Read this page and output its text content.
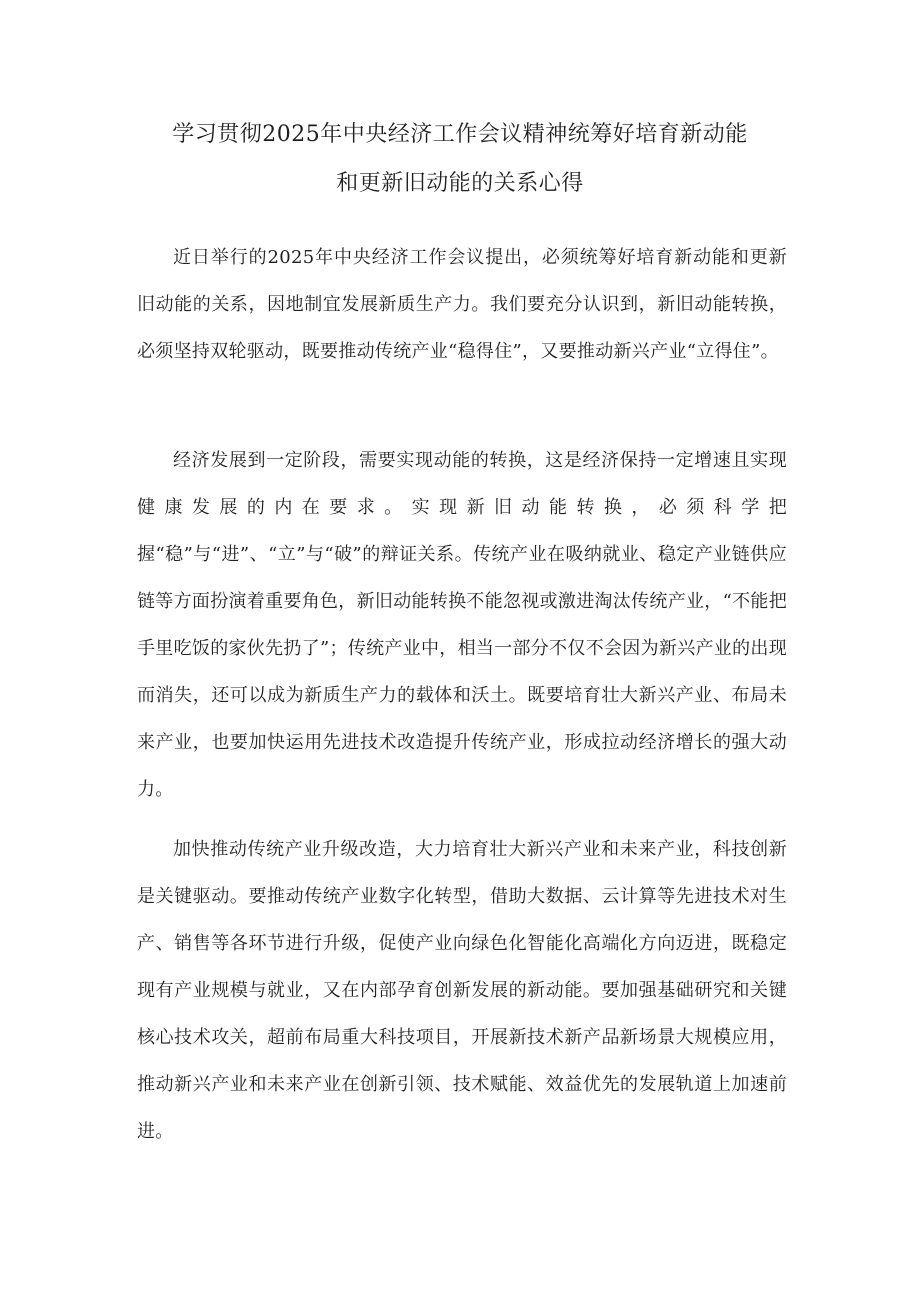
学习贯彻2025年中央经济工作会议精神统筹好培育新动能
和更新旧动能的关系心得

近日举行的2025年中央经济工作会议提出，必须统筹好培育新动能和更新旧动能的关系，因地制宜发展新质生产力。我们要充分认识到，新旧动能转换，必须坚持双轮驱动，既要推动传统产业“稳得住”，又要推动新兴产业“立得住”。

经济发展到一定阶段，需要实现动能的转换，这是经济保持一定增速且实现健康发展的内在要求。实现新旧动能转换，必须科学把握“稳”与“进”、“立”与“破”的辩证关系。传统产业在吸纳就业、稳定产业链供应链等方面扮演着重要角色，新旧动能转换不能忽视或激进淘汰传统产业，“不能把手里吃饭的家伙先扔了”；传统产业中，相当一部分不仅不会因为新兴产业的出现而消失，还可以成为新质生产力的载体和沃土。既要培育壮大新兴产业、布局未来产业，也要加快运用先进技术改造提升传统产业，形成拉动经济增长的强大动力。

加快推动传统产业升级改造，大力培育壮大新兴产业和未来产业，科技创新是关键驱动。要推动传统产业数字化转型，借助大数据、云计算等先进技术对生产、销售等各环节进行升级，促使产业向绿色化智能化高端化方向迈进，既稳定现有产业规模与就业，又在内部孕育创新发展的新动能。要加强基础研究和关键核心技术攻关，超前布局重大科技项目，开展新技术新产品新场景大规模应用，推动新兴产业和未来产业在创新引领、技术赋能、效益优先的发展轨道上加速前进。
